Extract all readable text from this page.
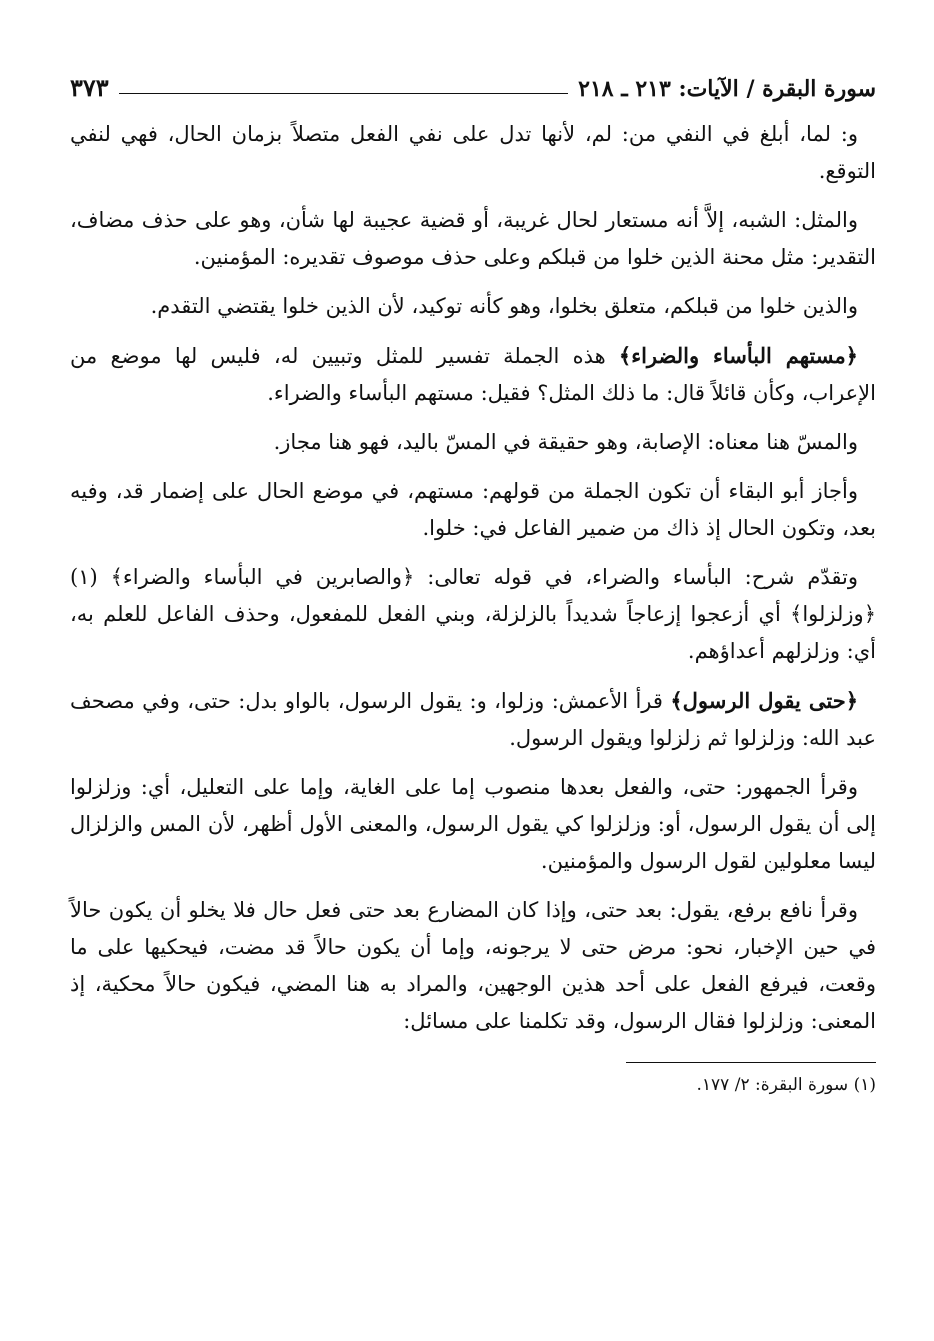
سورة البقرة / الآيات: ٢١٣ ـ ٢١٨
٣٧٣

و: لما، أبلغ في النفي من: لم، لأنها تدل على نفي الفعل متصلاً بزمان الحال، فهي لنفي التوقع.

والمثل: الشبه، إلاَّ أنه مستعار لحال غريبة، أو قضية عجيبة لها شأن، وهو على حذف مضاف، التقدير: مثل محنة الذين خلوا من قبلكم وعلى حذف موصوف تقديره: المؤمنين.

والذين خلوا من قبلكم، متعلق بخلوا، وهو كأنه توكيد، لأن الذين خلوا يقتضي التقدم.

﴿مستهم البأساء والضراء﴾ هذه الجملة تفسير للمثل وتبيين له، فليس لها موضع من الإعراب، وكأن قائلاً قال: ما ذلك المثل؟ فقيل: مستهم البأساء والضراء.

والمسّ هنا معناه: الإصابة، وهو حقيقة في المسّ باليد، فهو هنا مجاز.

وأجاز أبو البقاء أن تكون الجملة من قولهم: مستهم، في موضع الحال على إضمار قد، وفيه بعد، وتكون الحال إذ ذاك من ضمير الفاعل في: خلوا.

وتقدّم شرح: البأساء والضراء، في قوله تعالى: ﴿والصابرين في البأساء والضراء﴾ (١) ﴿وزلزلوا﴾ أي أزعجوا إزعاجاً شديداً بالزلزلة، وبني الفعل للمفعول، وحذف الفاعل للعلم به، أي: وزلزلهم أعداؤهم.

﴿حتى يقول الرسول﴾ قرأ الأعمش: وزلوا، و: يقول الرسول، بالواو بدل: حتى، وفي مصحف عبد الله: وزلزلوا ثم زلزلوا ويقول الرسول.

وقرأ الجمهور: حتى، والفعل بعدها منصوب إما على الغاية، وإما على التعليل، أي: وزلزلوا إلى أن يقول الرسول، أو: وزلزلوا كي يقول الرسول، والمعنى الأول أظهر، لأن المس والزلزال ليسا معلولين لقول الرسول والمؤمنين.

وقرأ نافع برفع، يقول: بعد حتى، وإذا كان المضارع بعد حتى فعل حال فلا يخلو أن يكون حالاً في حين الإخبار، نحو: مرض حتى لا يرجونه، وإما أن يكون حالاً قد مضت، فيحكيها على ما وقعت، فيرفع الفعل على أحد هذين الوجهين، والمراد به هنا المضي، فيكون حالاً محكية، إذ المعنى: وزلزلوا فقال الرسول، وقد تكلمنا على مسائل:

(١) سورة البقرة: ٢/ ١٧٧.
